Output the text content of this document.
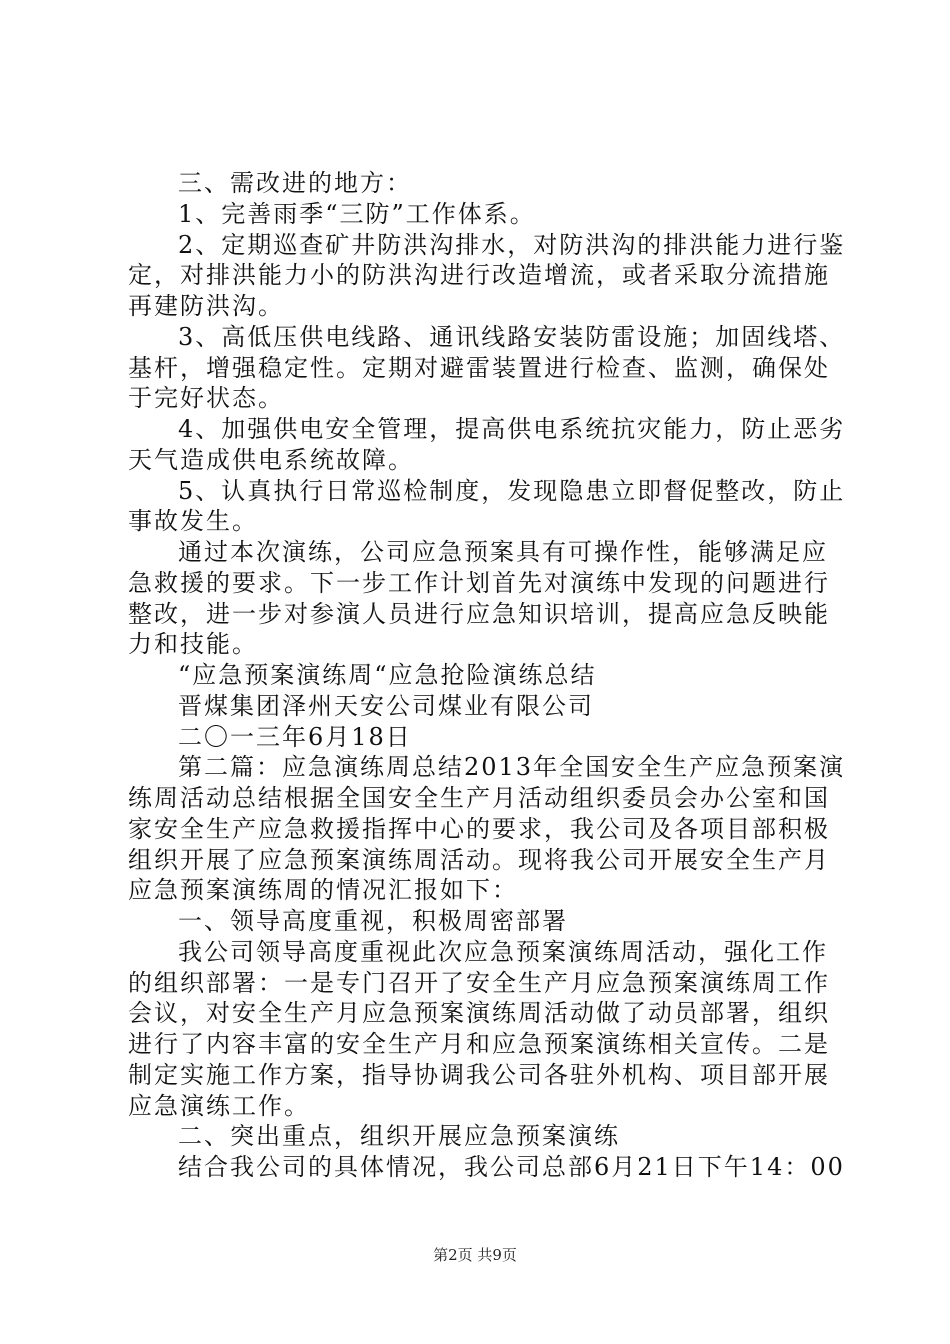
三、需改进的地方：
1、完善雨季“三防”工作体系。
2、定期巡查矿井防洪沟排水，对防洪沟的排洪能力进行鉴
定，对排洪能力小的防洪沟进行改造增流，或者采取分流措施
再建防洪沟。
3、高低压供电线路、通讯线路安装防雷设施；加固线塔、
基杆，增强稳定性。定期对避雷装置进行检查、监测，确保处
于完好状态。
4、加强供电安全管理，提高供电系统抗灾能力，防止恶劣
天气造成供电系统故障。
5、认真执行日常巡检制度，发现隐患立即督促整改，防止
事故发生。
通过本次演练，公司应急预案具有可操作性，能够满足应
急救援的要求。下一步工作计划首先对演练中发现的问题进行
整改，进一步对参演人员进行应急知识培训，提高应急反映能
力和技能。
“应急预案演练周“应急抢险演练总结
晋煤集团泽州天安公司煤业有限公司
二〇一三年6月18日
第二篇：应急演练周总结2013年全国安全生产应急预案演
练周活动总结根据全国安全生产月活动组织委员会办公室和国
家安全生产应急救援指挥中心的要求，我公司及各项目部积极
组织开展了应急预案演练周活动。现将我公司开展安全生产月
应急预案演练周的情况汇报如下：
一、领导高度重视，积极周密部署
我公司领导高度重视此次应急预案演练周活动，强化工作
的组织部署：一是专门召开了安全生产月应急预案演练周工作
会议，对安全生产月应急预案演练周活动做了动员部署，组织
进行了内容丰富的安全生产月和应急预案演练相关宣传。二是
制定实施工作方案，指导协调我公司各驻外机构、项目部开展
应急演练工作。
二、突出重点，组织开展应急预案演练
结合我公司的具体情况，我公司总部6月21日下午14：00
第2页 共9页
